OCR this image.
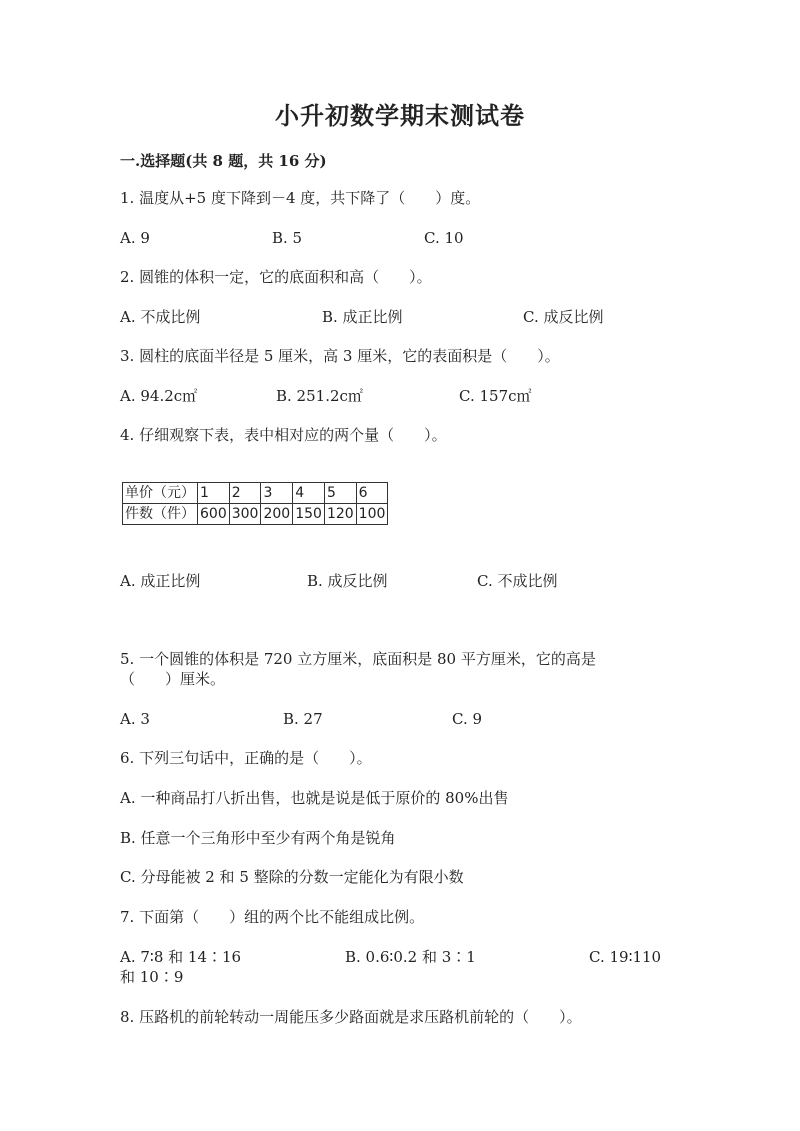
小升初数学期末测试卷
一.选择题(共 8 题，共 16 分)
1. 温度从+5 度下降到－4 度，共下降了（　　）度。
A. 9	B. 5	C. 10
2. 圆锥的体积一定，它的底面积和高（　　）。
A. 不成比例	B. 成正比例	C. 成反比例
3. 圆柱的底面半径是 5 厘米，高 3 厘米，它的表面积是（　　）。
A. 94.2c㎡	B. 251.2c㎡	C. 157c㎡
4. 仔细观察下表，表中相对应的两个量（　　）。
单价（元）	1	2	3	4	5	6
件数（件）	600	300	200	150	120	100
A. 成正比例	B. 成反比例	C. 不成比例
5. 一个圆锥的体积是 720 立方厘米，底面积是 80 平方厘米，它的高是
（　　）厘米。
A. 3	B. 27	C. 9
6. 下列三句话中，正确的是（　　）。
A. 一种商品打八折出售，也就是说是低于原价的 80%出售
B. 任意一个三角形中至少有两个角是锐角
C. 分母能被 2 和 5 整除的分数一定能化为有限小数
7. 下面第（　　）组的两个比不能组成比例。
A. 7∶8 和 14∶16	B. 0.6∶0.2 和 3∶1	C. 19∶110
和 10∶9
8. 压路机的前轮转动一周能压多少路面就是求压路机前轮的（　　）。
